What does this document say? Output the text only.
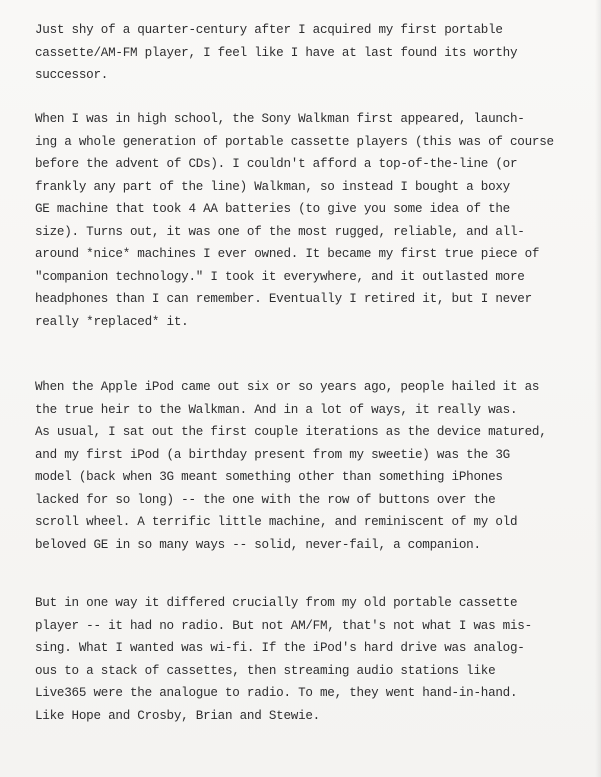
Just shy of a quarter-century after I acquired my first portable
cassette/AM-FM player, I feel like I have at last found its worthy
successor.
When I was in high school, the Sony Walkman first appeared, launch-
ing a whole generation of portable cassette players (this was of course
before the advent of CDs). I couldn't afford a top-of-the-line (or
frankly any part of the line) Walkman, so instead I bought a boxy
GE machine that took 4 AA batteries (to give you some idea of the
size). Turns out, it was one of the most rugged, reliable, and all-
around *nice* machines I ever owned. It became my first true piece of
"companion technology." I took it everywhere, and it outlasted more
headphones than I can remember. Eventually I retired it, but I never
really *replaced* it.
When the Apple iPod came out six or so years ago, people hailed it as
the true heir to the Walkman. And in a lot of ways, it really was.
As usual, I sat out the first couple iterations as the device matured,
and my first iPod (a birthday present from my sweetie) was the 3G
model (back when 3G meant something other than something iPhones
lacked for so long) -- the one with the row of buttons over the
scroll wheel. A terrific little machine, and reminiscent of my old
beloved GE in so many ways -- solid, never-fail, a companion.
But in one way it differed crucially from my old portable cassette
player -- it had no radio. But not AM/FM, that's not what I was mis-
sing. What I wanted was wi-fi. If the iPod's hard drive was analog-
ous to a stack of cassettes, then streaming audio stations like
Live365 were the analogue to radio. To me, they went hand-in-hand.
Like Hope and Crosby, Brian and Stewie.
